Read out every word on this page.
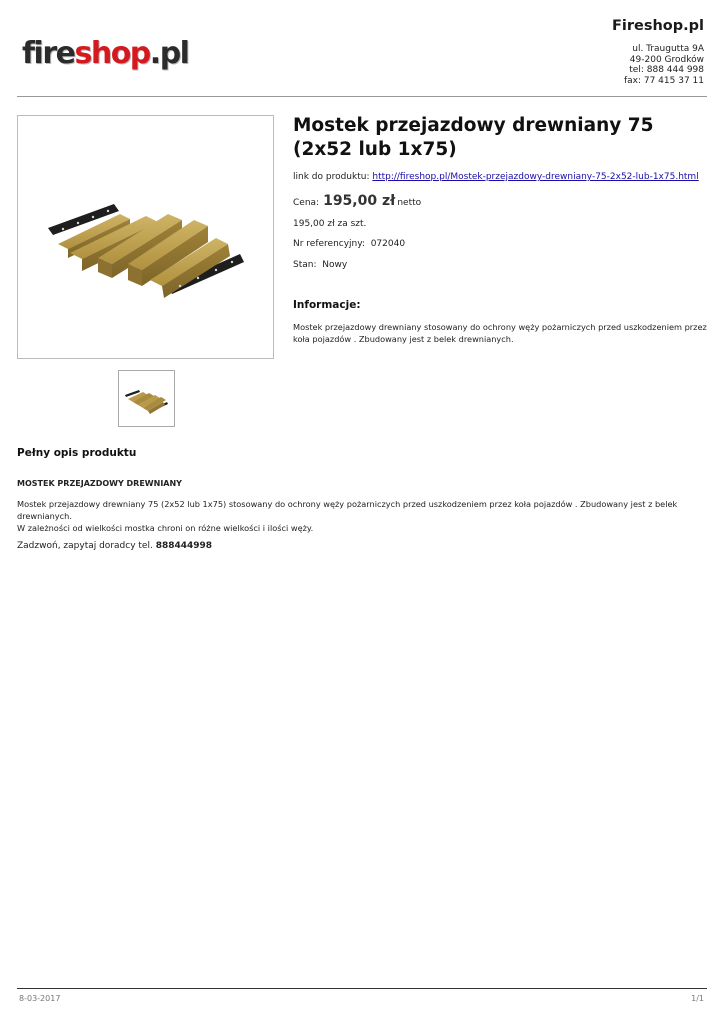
fireshop.pl
Fireshop.pl
ul. Traugutta 9A
49-200 Grodków
tel: 888 444 998
fax: 77 415 37 11
Mostek przejazdowy drewniany 75 (2x52 lub 1x75)
link do produktu: http://fireshop.pl/Mostek-przejazdowy-drewniany-75-2x52-lub-1x75.html
Cena: 195,00 zł netto
195,00 zł za szt.
Nr referencyjny: 072040
Stan: Nowy
Informacje:
Mostek przejazdowy drewniany stosowany do ochrony węży pożarniczych przed uszkodzeniem przez koła pojazdów . Zbudowany jest z belek drewnianych.
Pełny opis produktu
MOSTEK PRZEJAZDOWY DREWNIANY
Mostek przejazdowy drewniany 75 (2x52 lub 1x75) stosowany do ochrony węży pożarniczych przed uszkodzeniem przez koła pojazdów . Zbudowany jest z belek drewnianych.
W zależności od wielkości mostka chroni on różne wielkości i ilości węży.
Zadzwoń, zapytaj doradcy tel. 888444998
8-03-2017	1/1
